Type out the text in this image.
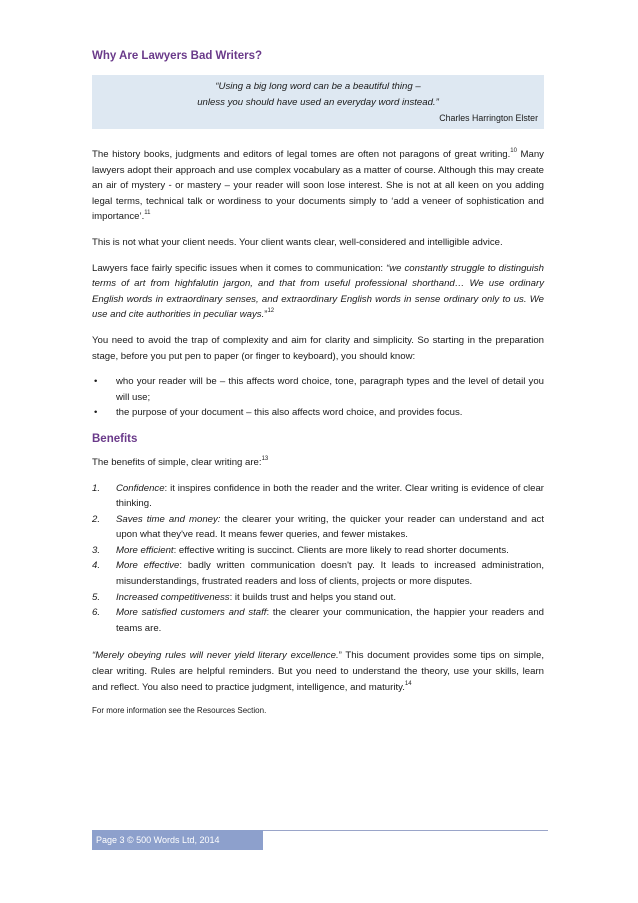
Why Are Lawyers Bad Writers?
“Using a big long word can be a beautiful thing –
unless you should have used an everyday word instead.”
Charles Harrington Elster

The history books, judgments and editors of legal tomes are often not paragons of great writing.$^{10}$ Many lawyers adopt their approach and use complex vocabulary as a matter of course. Although this may create an air of mystery - or mastery – your reader will soon lose interest. She is not at all keen on you adding legal terms, technical talk or wordiness to your documents simply to ‘add a veneer of sophistication and importance’.$^{11}$

This is not what your client needs. Your client wants clear, well-considered and intelligible advice.

Lawyers face fairly specific issues when it comes to communication: “we constantly struggle to distinguish terms of art from highfalutin jargon, and that from useful professional shorthand… We use ordinary English words in extraordinary senses, and extraordinary English words in sense ordinary only to us. We use and cite authorities in peculiar ways.”$^{12}$

You need to avoid the trap of complexity and aim for clarity and simplicity. So starting in the preparation stage, before you put pen to paper (or finger to keyboard), you should know:

• who your reader will be – this affects word choice, tone, paragraph types and the level of detail you will use;
• the purpose of your document – this also affects word choice, and provides focus.
Benefits

The benefits of simple, clear writing are:$^{13}$

1. Confidence: it inspires confidence in both the reader and the writer. Clear writing is evidence of clear thinking.
2. Saves time and money: the clearer your writing, the quicker your reader can understand and act upon what they've read. It means fewer queries, and fewer mistakes.
3. More efficient: effective writing is succinct. Clients are more likely to read shorter documents.
4. More effective: badly written communication doesn't pay. It leads to increased administration, misunderstandings, frustrated readers and loss of clients, projects or more disputes.
5. Increased competitiveness: it builds trust and helps you stand out.
6. More satisfied customers and staff: the clearer your communication, the happier your readers and teams are.

“Merely obeying rules will never yield literary excellence.” This document provides some tips on simple, clear writing. Rules are helpful reminders. But you need to understand the theory, use your skills, learn and reflect. You also need to practice judgment, intelligence, and maturity.$^{14}$

For more information see the Resources Section.

Page 3 © 500 Words Ltd, 2014
